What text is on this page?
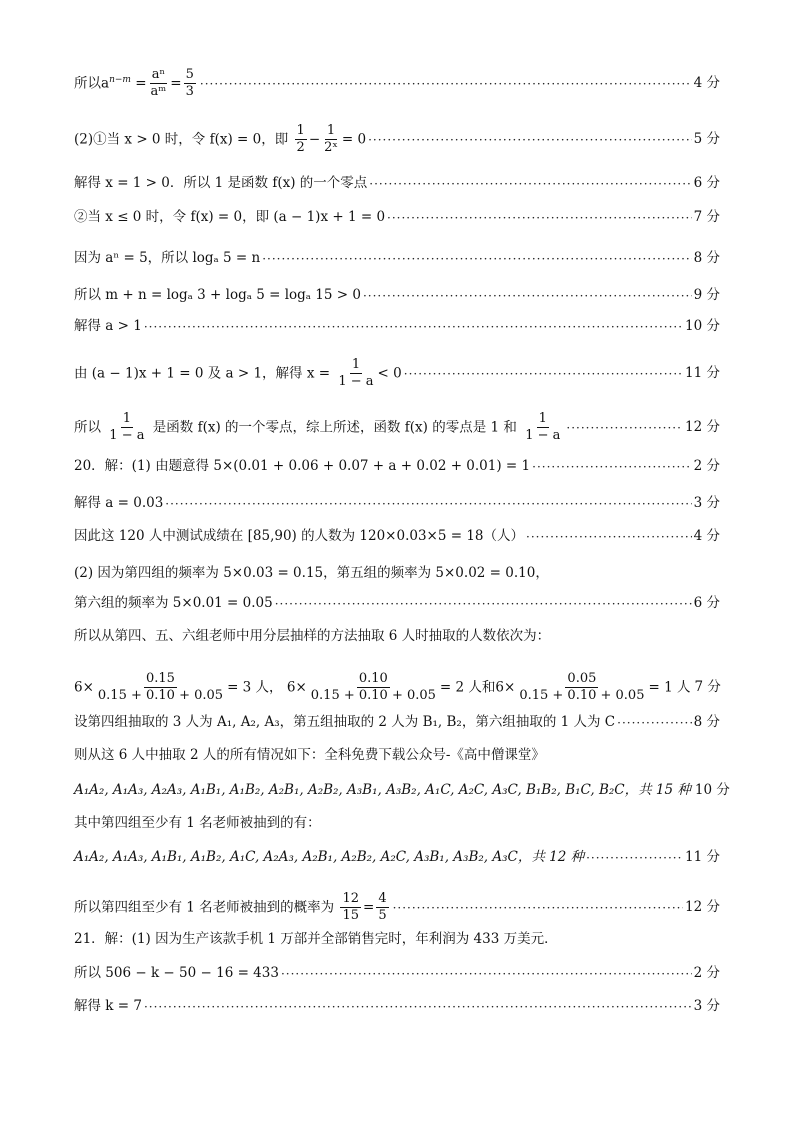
所以$a^{n-m} = \frac{\text{aⁿ}}{\text{aᵐ}} = \frac{5}{3}$ ·····	4 分
(2)①当 x > 0 时，令 f(x) = 0，即 $\frac{1}{2} - \frac{1}{\text{2ˣ}} = 0$ ·····	5 分
解得 x = 1 > 0．所以 1 是函数 f(x) 的一个零点 ·····	6 分
②当 x ≤ 0 时，令 f(x) = 0，即 (a − 1)x + 1 = 0 ·····	7 分
因为 aⁿ = 5，所以 logₐ 5 = n ·····	8 分
所以 m + n = logₐ 3 + logₐ 5 = logₐ 15 > 0 ·····	9 分
解得 a > 1 ·····	10 分
由 (a − 1)x + 1 = 0 及 a > 1，解得 $x = \frac{1}{1 - a} < 0$ ·····	11 分
所以 $\frac{1}{1 - a}$ 是函数 f(x) 的一个零点，综上所述，函数 f(x) 的零点是 1 和 $\frac{1}{1 - a}$ ·····	12 分
20．解：(1) 由题意得 5×(0.01 + 0.06 + 0.07 + a + 0.02 + 0.01) = 1 ·····	2 分
解得 a = 0.03 ·····	3 分
因此这 120 人中测试成绩在 [85,90) 的人数为 120×0.03×5 = 18（人） ·····	4 分
(2) 因为第四组的频率为 5×0.03 = 0.15，第五组的频率为 5×0.02 = 0.10，
第六组的频率为 5×0.01 = 0.05 ·····	6 分
所以从第四、五、六组老师中用分层抽样的方法抽取 6 人时抽取的人数依次为：
$6\times \frac{0.15}{0.15 + 0.10 + 0.05} = 3$ 人， $6\times \frac{0.10}{0.15 + 0.10 + 0.05} = 2$ 人和$6\times \frac{0.05}{0.15 + 0.10 + 0.05} = 1$ 人 7 分
设第四组抽取的 3 人为 A₁, A₂, A₃，第五组抽取的 2 人为 B₁, B₂，第六组抽取的 1 人为 C ·····	8 分
则从这 6 人中抽取 2 人的所有情况如下：全科免费下载公众号-《高中僧课堂》
A₁A₂, A₁A₃, A₂A₃, A₁B₁, A₁B₂, A₂B₁, A₂B₂, A₃B₁, A₃B₂, A₁C, A₂C, A₃C, B₁B₂, B₁C, B₂C，共 15 种 10 分
其中第四组至少有 1 名老师被抽到的有：
A₁A₂, A₁A₃, A₁B₁, A₁B₂, A₁C, A₂A₃, A₂B₁, A₂B₂, A₂C, A₃B₁, A₃B₂, A₃C，共 12 种 ·····	11 分
所以第四组至少有 1 名老师被抽到的概率为 $\frac{12}{15} = \frac{4}{5}$ ·····	12 分
21．解：(1) 因为生产该款手机 1 万部并全部销售完时，年利润为 433 万美元．
所以 506 − k − 50 − 16 = 433 ·····	2 分
解得 k = 7 ·····	3 分
